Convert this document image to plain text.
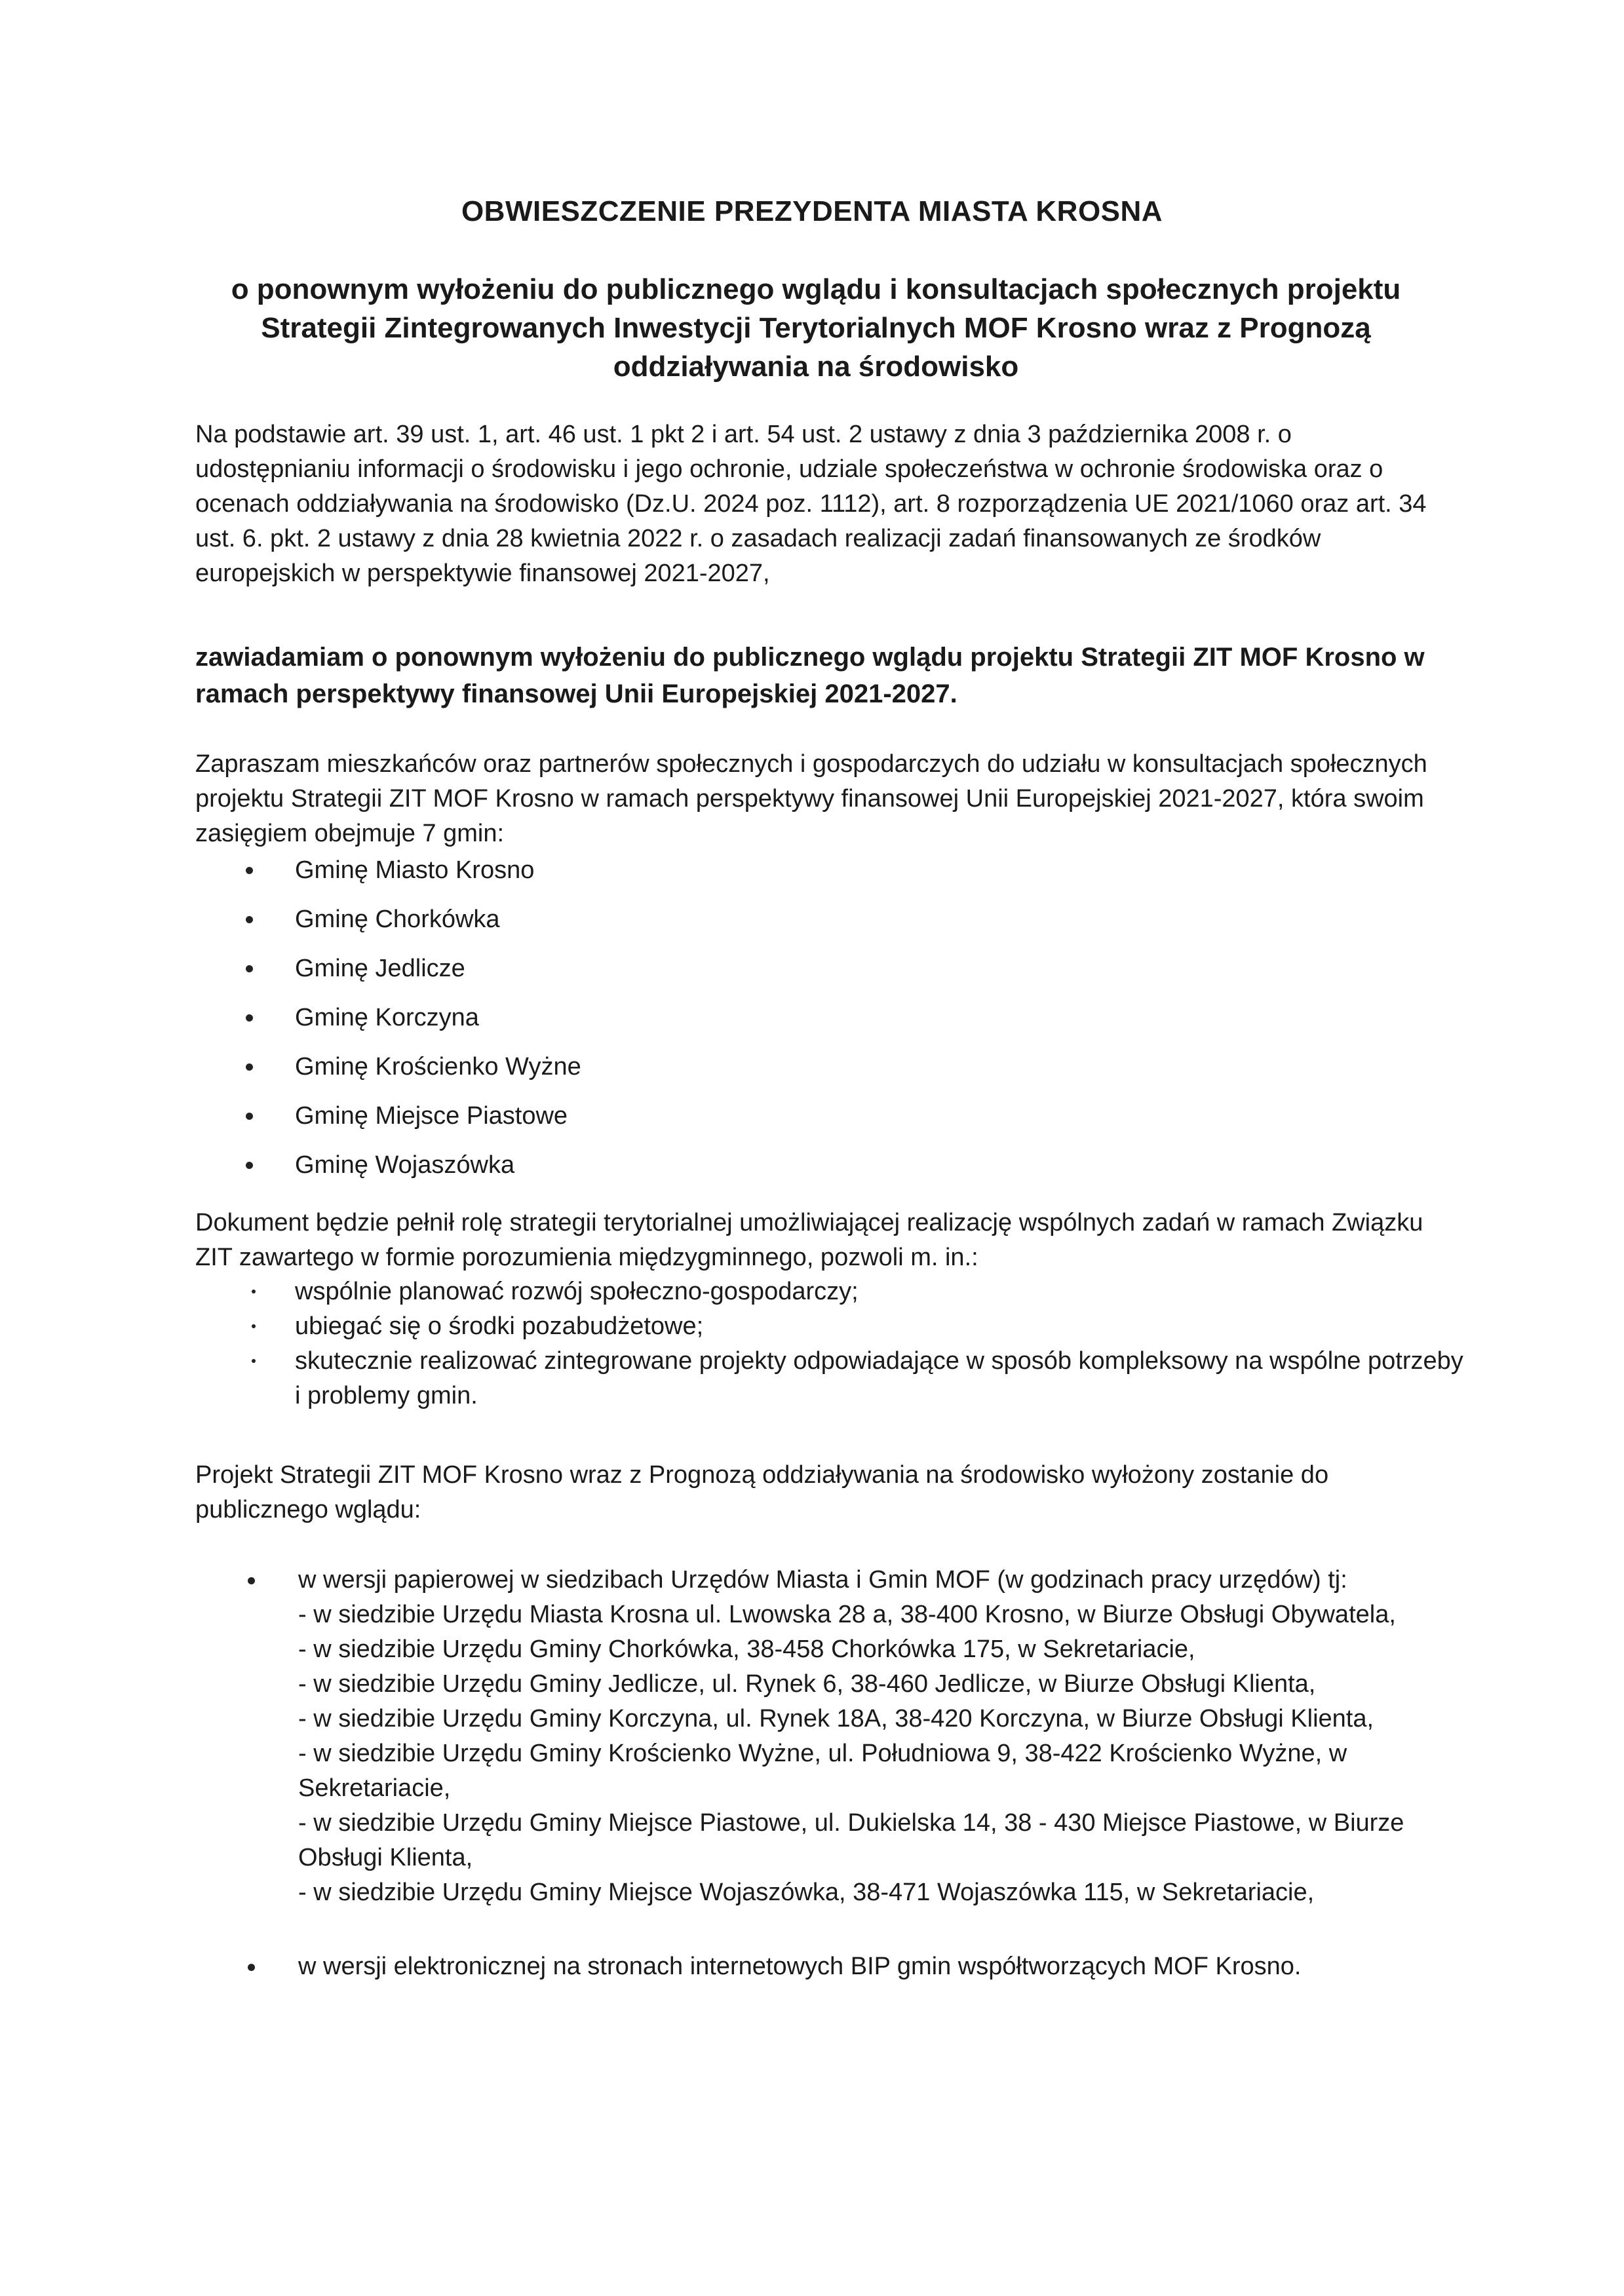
OBWIESZCZENIE PREZYDENTA MIASTA KROSNA
o ponownym wyłożeniu do publicznego wglądu i konsultacjach społecznych projektu Strategii Zintegrowanych Inwestycji Terytorialnych MOF Krosno wraz z Prognozą oddziaływania na środowisko
Na podstawie art. 39 ust. 1, art. 46 ust. 1 pkt 2 i art. 54 ust. 2 ustawy z dnia 3 października 2008 r. o udostępnianiu informacji o środowisku i jego ochronie, udziale społeczeństwa w ochronie środowiska oraz o ocenach oddziaływania na środowisko (Dz.U. 2024 poz. 1112), art. 8 rozporządzenia UE 2021/1060 oraz art. 34 ust. 6. pkt. 2 ustawy z dnia 28 kwietnia 2022 r. o zasadach realizacji zadań finansowanych ze środków europejskich w perspektywie finansowej 2021-2027,
zawiadamiam o ponownym wyłożeniu do publicznego wglądu projektu Strategii ZIT MOF Krosno w ramach perspektywy finansowej Unii Europejskiej 2021-2027.
Zapraszam mieszkańców oraz partnerów społecznych i gospodarczych do udziału w konsultacjach społecznych projektu Strategii ZIT MOF Krosno w ramach perspektywy finansowej Unii Europejskiej 2021-2027, która swoim zasięgiem obejmuje 7 gmin:
Gminę Miasto Krosno
Gminę Chorkówka
Gminę Jedlicze
Gminę Korczyna
Gminę Krościenko Wyżne
Gminę Miejsce Piastowe
Gminę Wojaszówka
Dokument będzie pełnił rolę strategii terytorialnej umożliwiającej realizację wspólnych zadań w ramach Związku ZIT zawartego w formie porozumienia międzygminnego, pozwoli m. in.:
wspólnie planować rozwój społeczno-gospodarczy;
ubiegać się o środki pozabudżetowe;
skutecznie realizować zintegrowane projekty odpowiadające w sposób kompleksowy na wspólne potrzeby i problemy gmin.
Projekt Strategii ZIT MOF Krosno wraz z Prognozą oddziaływania na środowisko wyłożony zostanie do publicznego wglądu:
w wersji papierowej w siedzibach Urzędów Miasta i Gmin MOF (w godzinach pracy urzędów) tj:
- w siedzibie Urzędu Miasta Krosna ul. Lwowska 28 a, 38-400 Krosno, w Biurze Obsługi Obywatela,
- w siedzibie Urzędu Gminy Chorkówka, 38-458 Chorkówka 175, w Sekretariacie,
- w siedzibie Urzędu Gminy Jedlicze, ul. Rynek 6, 38-460 Jedlicze, w Biurze Obsługi Klienta,
- w siedzibie Urzędu Gminy Korczyna, ul. Rynek 18A, 38-420 Korczyna, w Biurze Obsługi Klienta,
- w siedzibie Urzędu Gminy Krościenko Wyżne, ul. Południowa 9, 38-422 Krościenko Wyżne, w Sekretariacie,
- w siedzibie Urzędu Gminy Miejsce Piastowe, ul. Dukielska 14, 38 - 430 Miejsce Piastowe, w Biurze Obsługi Klienta,
- w siedzibie Urzędu Gminy Miejsce Wojaszówka, 38-471 Wojaszówka 115, w Sekretariacie,
w wersji elektronicznej na stronach internetowych BIP gmin współtworzących MOF Krosno.
